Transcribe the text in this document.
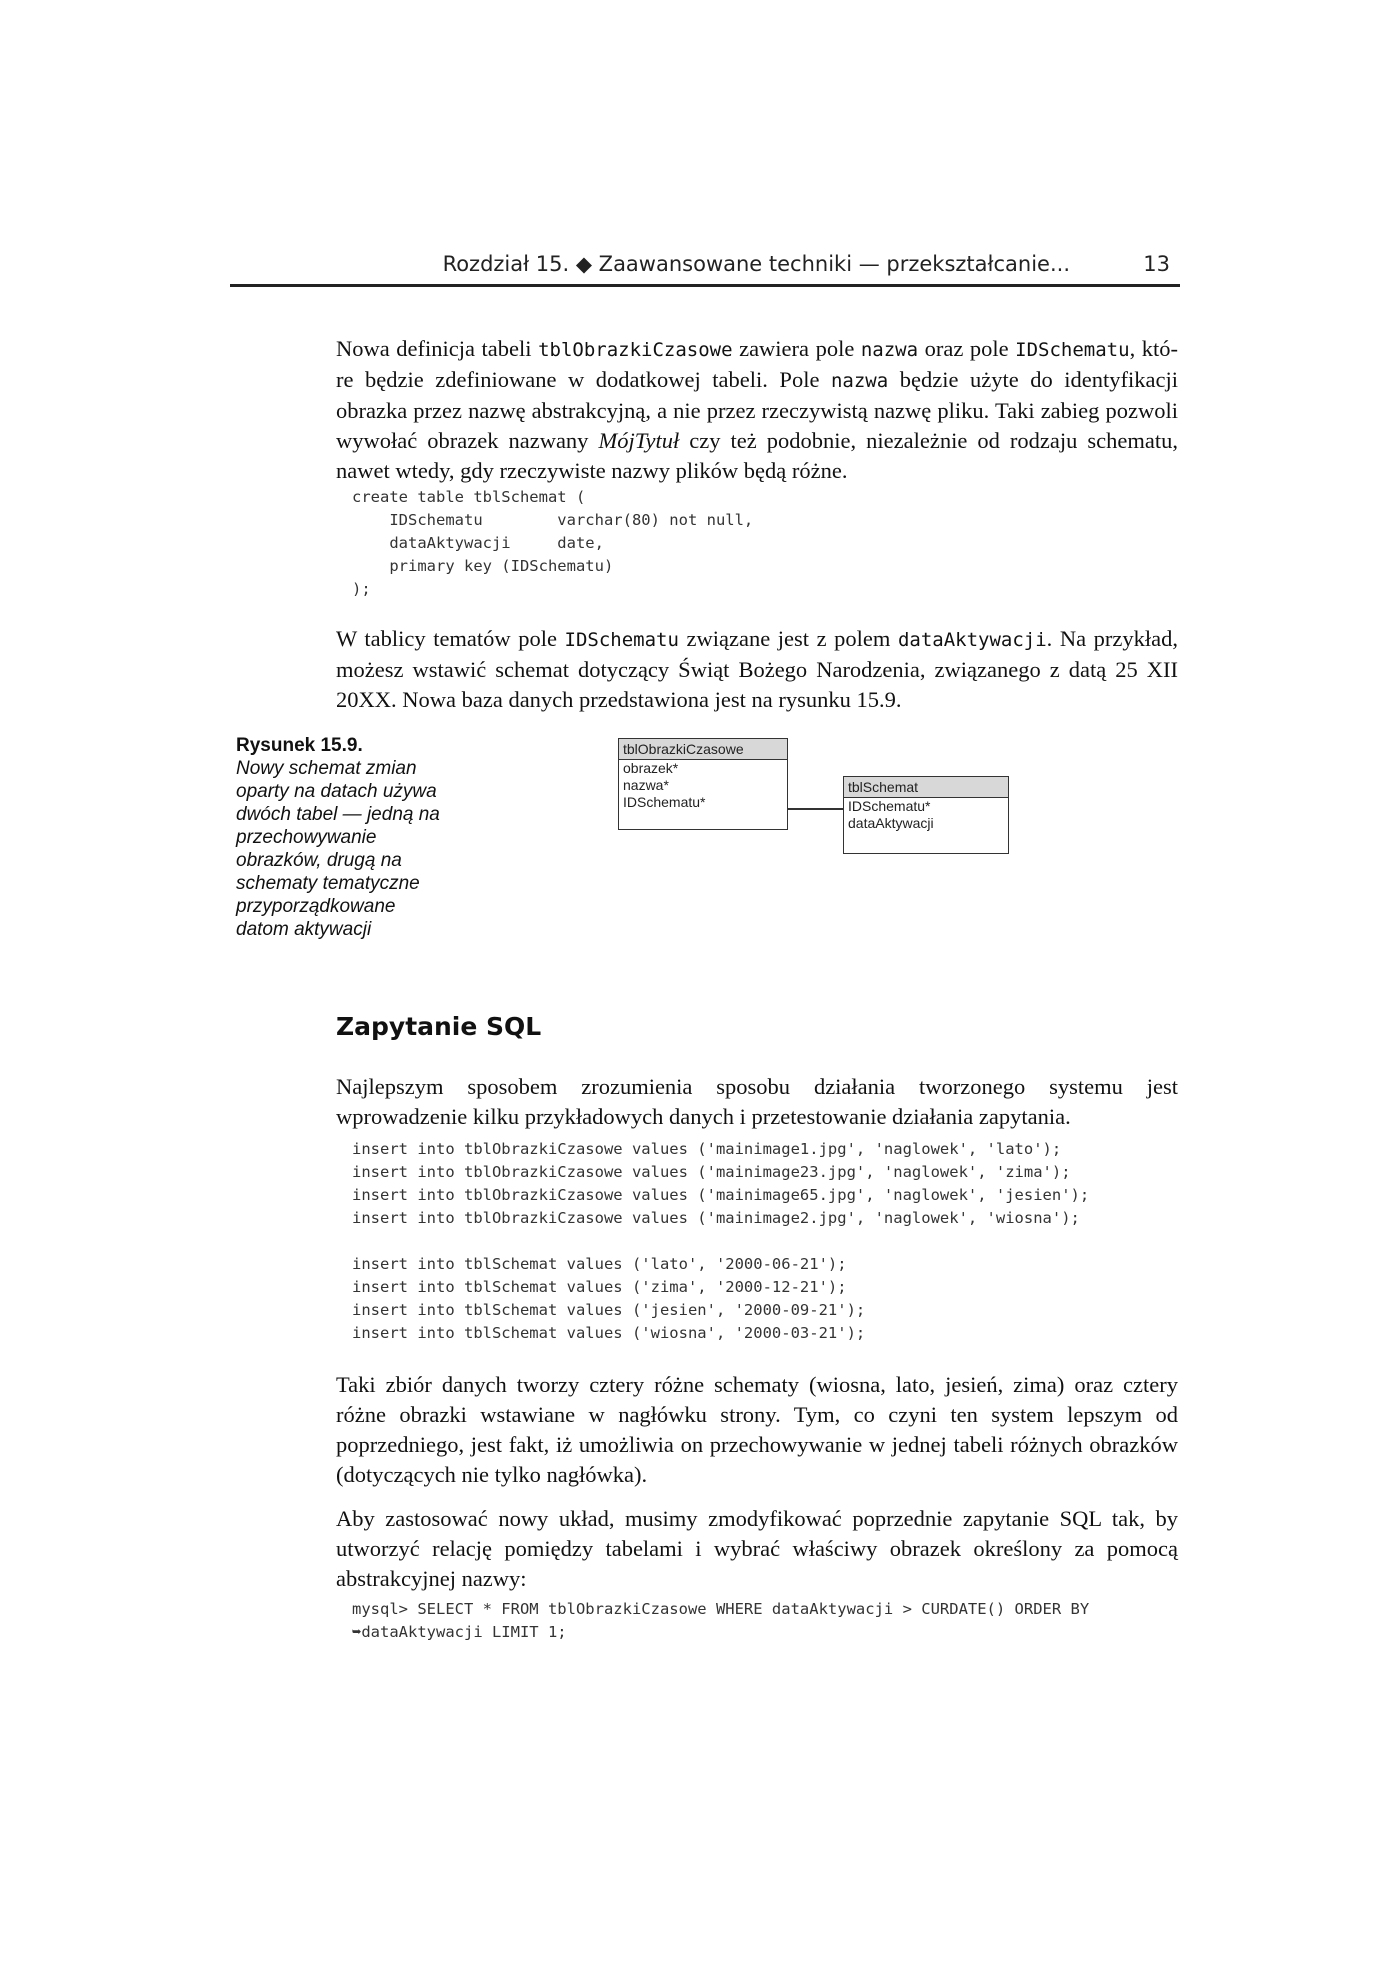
Rozdział 15. ◆ Zaawansowane techniki — przekształcanie...	13

Nowa definicja tabeli tblObrazkiCzasowe zawiera pole nazwa oraz pole IDSchematu, któ-re będzie zdefiniowane w dodatkowej tabeli. Pole nazwa będzie użyte do identyfikacji obrazka przez nazwę abstrakcyjną, a nie przez rzeczywistą nazwę pliku. Taki zabieg pozwoli wywołać obrazek nazwany MójTytuł czy też podobnie, niezależnie od rodzaju schematu, nawet wtedy, gdy rzeczywiste nazwy plików będą różne.

create table tblSchemat (
IDSchematu        varchar(80) not null,
dataAktywacji     date,
primary key (IDSchematu)
);

W tablicy tematów pole IDSchematu związane jest z polem dataAktywacji. Na przykład, możesz wstawić schemat dotyczący Świąt Bożego Narodzenia, związanego z datą 25 XII 20XX. Nowa baza danych przedstawiona jest na rysunku 15.9.

Rysunek 15.9.
Nowy schemat zmian oparty na datach używa dwóch tabel — jedną na przechowywanie obrazków, drugą na schematy tematyczne przyporządkowane datom aktywacji
tblObrazkiCzasowe
obrazek*
nazwa*
IDSchematu*
tblSchemat
IDSchematu*
dataAktywacji
Zapytanie SQL

Najlepszym sposobem zrozumienia sposobu działania tworzonego systemu jest wprowadzenie kilku przykładowych danych i przetestowanie działania zapytania.

insert into tblObrazkiCzasowe values ('mainimage1.jpg', 'naglowek', 'lato');
insert into tblObrazkiCzasowe values ('mainimage23.jpg', 'naglowek', 'zima');
insert into tblObrazkiCzasowe values ('mainimage65.jpg', 'naglowek', 'jesien');
insert into tblObrazkiCzasowe values ('mainimage2.jpg', 'naglowek', 'wiosna');

insert into tblSchemat values ('lato', '2000-06-21');
insert into tblSchemat values ('zima', '2000-12-21');
insert into tblSchemat values ('jesien', '2000-09-21');
insert into tblSchemat values ('wiosna', '2000-03-21');

Taki zbiór danych tworzy cztery różne schematy (wiosna, lato, jesień, zima) oraz cztery różne obrazki wstawiane w nagłówku strony. Tym, co czyni ten system lepszym od poprzedniego, jest fakt, iż umożliwia on przechowywanie w jednej tabeli różnych obrazków (dotyczących nie tylko nagłówka).

Aby zastosować nowy układ, musimy zmodyfikować poprzednie zapytanie SQL tak, by utworzyć relację pomiędzy tabelami i wybrać właściwy obrazek określony za pomocą abstrakcyjnej nazwy:

mysql> SELECT * FROM tblObrazkiCzasowe WHERE dataAktywacji > CURDATE() ORDER BY
➥dataAktywacji LIMIT 1;
